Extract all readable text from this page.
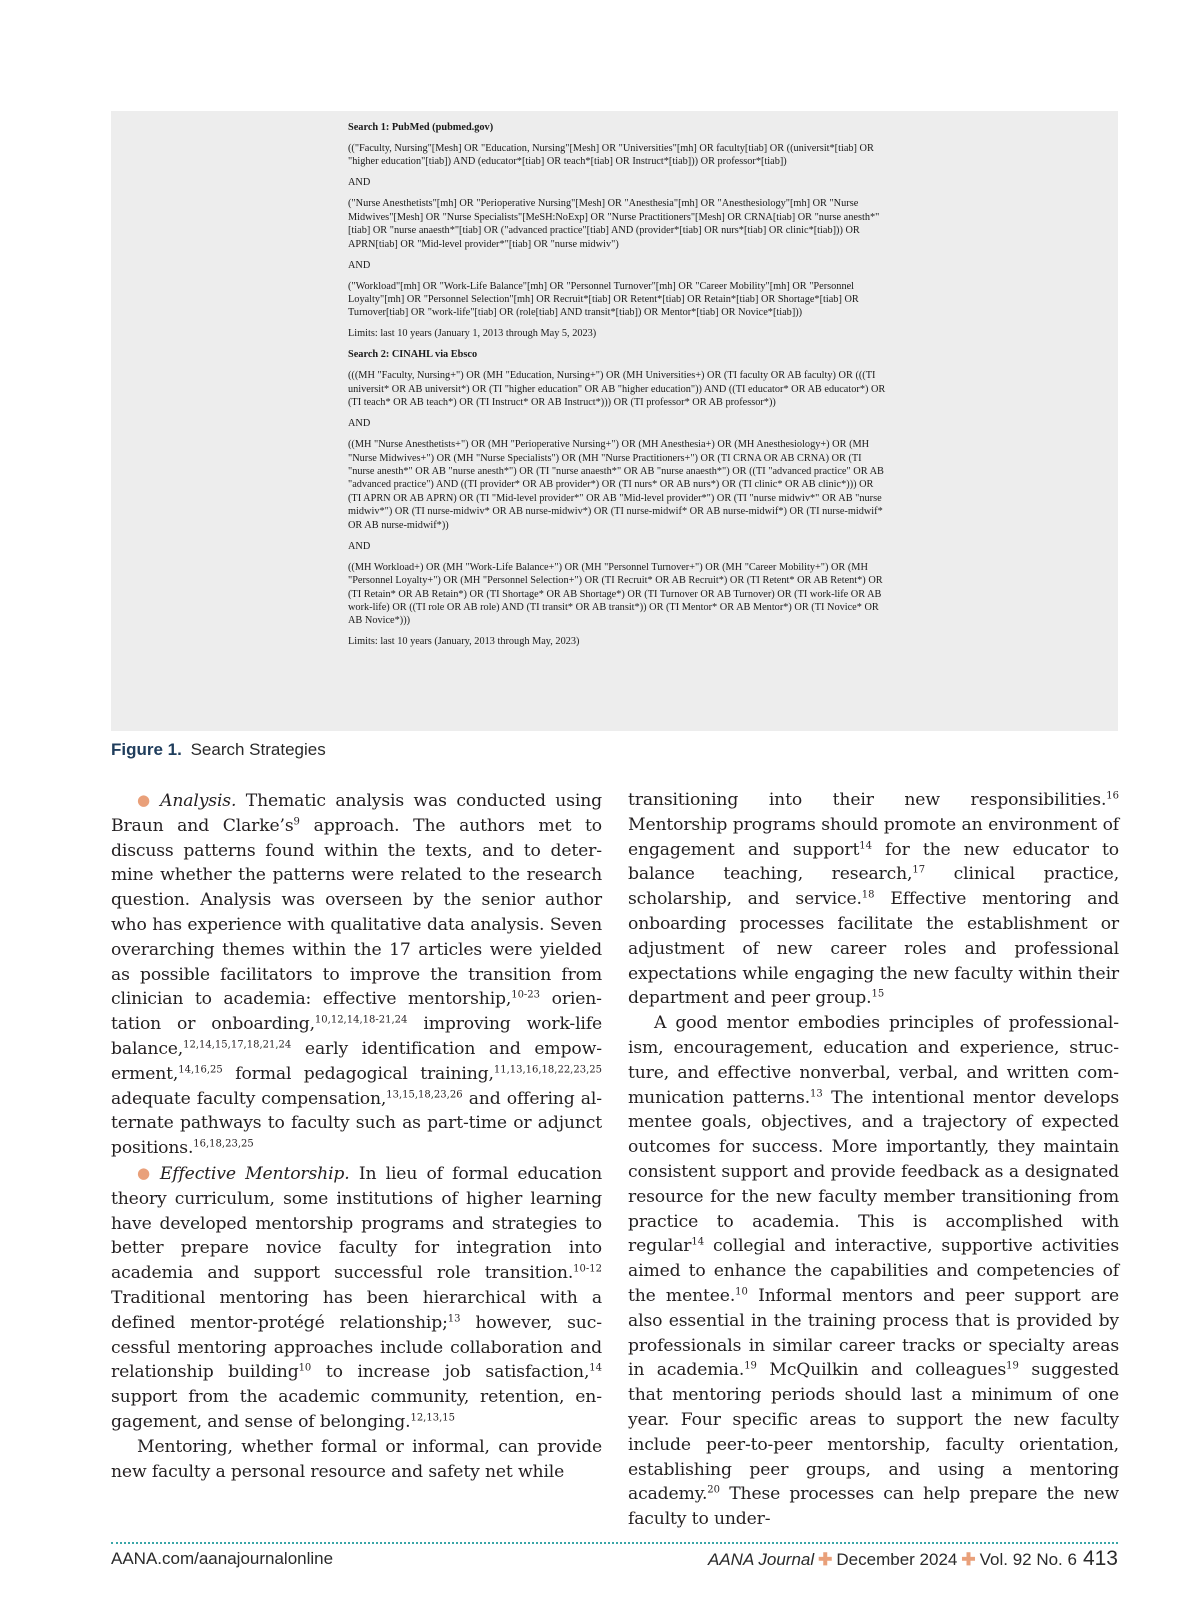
Search 1: PubMed (pubmed.gov)

(("Faculty, Nursing"[Mesh] OR "Education, Nursing"[Mesh] OR "Universities"[mh] OR faculty[tiab] OR ((universit*[tiab] OR "higher education"[tiab]) AND (educator*[tiab] OR teach*[tiab] OR Instruct*[tiab])) OR professor*[tiab])

AND

("Nurse Anesthetists"[mh] OR "Perioperative Nursing"[Mesh] OR "Anesthesia"[mh] OR "Anesthesiology"[mh] OR "Nurse Midwives"[Mesh] OR "Nurse Specialists"[MeSH:NoExp] OR "Nurse Practitioners"[Mesh] OR CRNA[tiab] OR "nurse anesth*"[tiab] OR "nurse anaesth*"[tiab] OR ("advanced practice"[tiab] AND (provider*[tiab] OR nurs*[tiab] OR clinic*[tiab])) OR APRN[tiab] OR "Mid-level provider*"[tiab] OR "nurse midwiv")

AND

("Workload"[mh] OR "Work-Life Balance"[mh] OR "Personnel Turnover"[mh] OR "Career Mobility"[mh] OR "Personnel Loyalty"[mh] OR "Personnel Selection"[mh] OR Recruit*[tiab] OR Retent*[tiab] OR Retain*[tiab] OR Shortage*[tiab] OR Turnover[tiab] OR "work-life"[tiab] OR (role[tiab] AND transit*[tiab]) OR Mentor*[tiab] OR Novice*[tiab]))

Limits: last 10 years (January 1, 2013 through May 5, 2023)

Search 2: CINAHL via Ebsco

(((MH "Faculty, Nursing+") OR (MH "Education, Nursing+") OR (MH Universities+) OR (TI faculty OR AB faculty) OR (((TI universit* OR AB universit*) OR (TI "higher education" OR AB "higher education")) AND ((TI educator* OR AB educator*) OR (TI teach* OR AB teach*) OR (TI Instruct* OR AB Instruct*))) OR (TI professor* OR AB professor*))

AND

((MH "Nurse Anesthetists+") OR (MH "Perioperative Nursing+") OR (MH Anesthesia+) OR (MH Anesthesiology+) OR (MH "Nurse Midwives+") OR (MH "Nurse Specialists") OR (MH "Nurse Practitioners+") OR (TI CRNA OR AB CRNA) OR (TI "nurse anesth*" OR AB "nurse anesth*") OR (TI "nurse anaesth*" OR AB "nurse anaesth*") OR ((TI "advanced practice" OR AB "advanced practice") AND ((TI provider* OR AB provider*) OR (TI nurs* OR AB nurs*) OR (TI clinic* OR AB clinic*))) OR (TI APRN OR AB APRN) OR (TI "Mid-level provider*" OR AB "Mid-level provider*") OR (TI "nurse midwiv*" OR AB "nurse midwiv*") OR (TI nurse-midwiv* OR AB nurse-midwiv*) OR (TI nurse-midwif* OR AB nurse-midwif*) OR (TI nurse-midwif* OR AB nurse-midwif*))

AND

((MH Workload+) OR (MH "Work-Life Balance+") OR (MH "Personnel Turnover+") OR (MH "Career Mobility+") OR (MH "Personnel Loyalty+") OR (MH "Personnel Selection+") OR (TI Recruit* OR AB Recruit*) OR (TI Retent* OR AB Retent*) OR (TI Retain* OR AB Retain*) OR (TI Shortage* OR AB Shortage*) OR (TI Turnover OR AB Turnover) OR (TI work-life OR AB work-life) OR ((TI role OR AB role) AND (TI transit* OR AB transit*)) OR (TI Mentor* OR AB Mentor*) OR (TI Novice* OR AB Novice*)))

Limits: last 10 years (January, 2013 through May, 2023)

Figure 1. Search Strategies

● Analysis. Thematic analysis was conducted using Braun and $Clarke’s^9$ approach. The authors met to discuss patterns found within the texts, and to determine whether the patterns were related to the research question. Analysis was overseen by the senior author who has experience with qualitative data analysis. Seven overarching themes within the 17 articles were yielded as possible facilitators to improve the transition from clinician to academia: effective mentorship,$^{10-23}$ orientation or onboarding,$^{10,12,14,18-21,24}$ improving work-life balance,$^{12,14,15,17,18,21,24}$ early identification and empowerment,$^{14,16,25}$ formal pedagogical training,$^{11,13,16,18,22,23,25}$ adequate faculty compensation,$^{13,15,18,23,26}$ and offering alternate pathways to faculty such as part-time or adjunct positions.$^{16,18,23,25}$

● Effective Mentorship. In lieu of formal education theory curriculum, some institutions of higher learning have developed mentorship programs and strategies to better prepare novice faculty for integration into academia and support successful role transition.$^{10-12}$ Traditional mentoring has been hierarchical with a defined mentor-protégé relationship;$^{13}$ however, successful mentoring approaches include collaboration and relationship building$^{10}$ to increase job satisfaction,$^{14}$ support from the academic community, retention, engagement, and sense of belonging.$^{12,13,15}$

Mentoring, whether formal or informal, can provide new faculty a personal resource and safety net while

transitioning into their new responsibilities.$^{16}$ Mentorship programs should promote an environment of engagement and support$^{14}$ for the new educator to balance teaching, research,$^{17}$ clinical practice, scholarship, and service.$^{18}$ Effective mentoring and onboarding processes facilitate the establishment or adjustment of new career roles and professional expectations while engaging the new faculty within their department and peer group.$^{15}$

A good mentor embodies principles of professionalism, encouragement, education and experience, structure, and effective nonverbal, verbal, and written communication patterns.$^{13}$ The intentional mentor develops mentee goals, objectives, and a trajectory of expected outcomes for success. More importantly, they maintain consistent support and provide feedback as a designated resource for the new faculty member transitioning from practice to academia. This is accomplished with regular$^{14}$ collegial and interactive, supportive activities aimed to enhance the capabilities and competencies of the mentee.$^{10}$ Informal mentors and peer support are also essential in the training process that is provided by professionals in similar career tracks or specialty areas in academia.$^{19}$ McQuilkin and colleagues$^{19}$ suggested that mentoring periods should last a minimum of one year. Four specific areas to support the new faculty include peer-to-peer mentorship, faculty orientation, establishing peer groups, and using a mentoring academy.$^{20}$ These processes can help prepare the new faculty to under-

AANA.com/aanajournalonline	AANA Journal ✚ December 2024 ✚ Vol. 92 No. 6 413
